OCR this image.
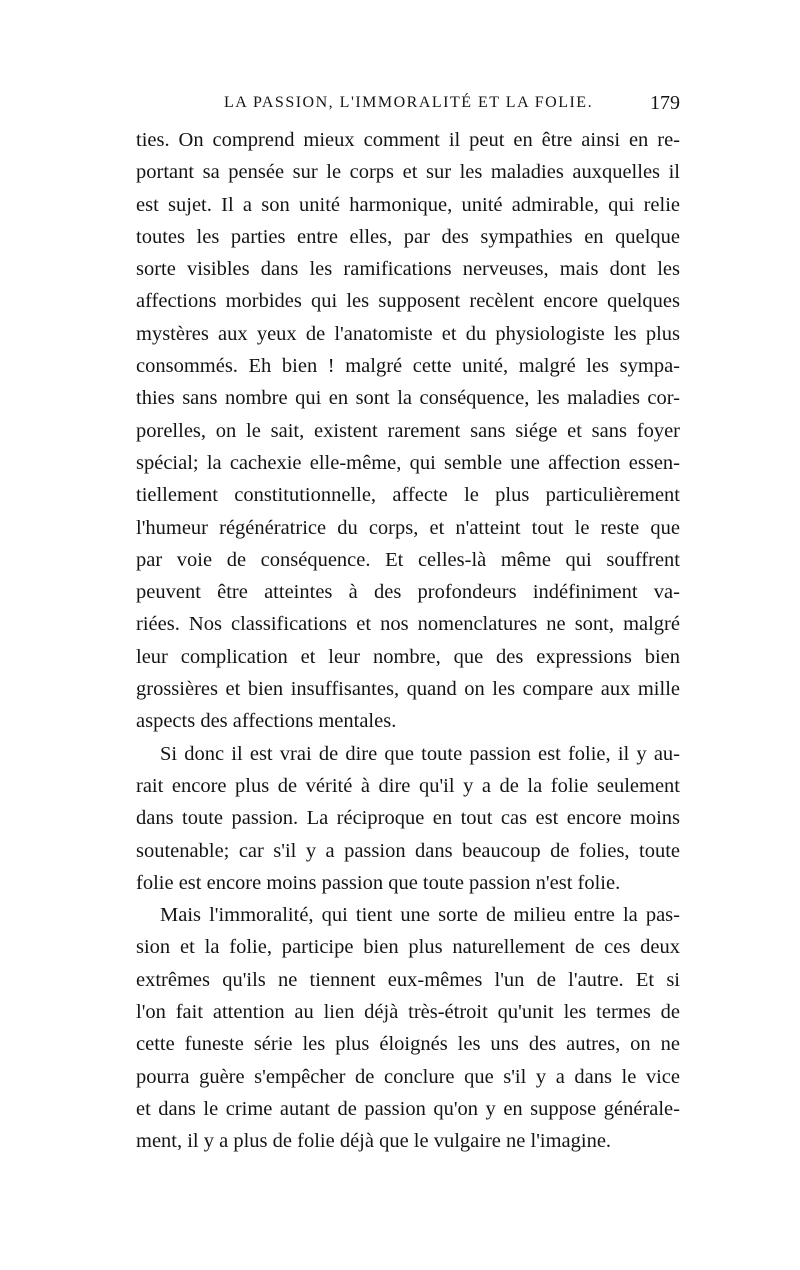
LA PASSION, L'IMMORALITÉ ET LA FOLIE.	179
ties. On comprend mieux comment il peut en être ainsi en re-
portant sa pensée sur le corps et sur les maladies auxquelles il
est sujet. Il a son unité harmonique, unité admirable, qui relie
toutes les parties entre elles, par des sympathies en quelque
sorte visibles dans les ramifications nerveuses, mais dont les
affections morbides qui les supposent recèlent encore quelques
mystères aux yeux de l'anatomiste et du physiologiste les plus
consommés. Eh bien ! malgré cette unité, malgré les sympa-
thies sans nombre qui en sont la conséquence, les maladies cor-
porelles, on le sait, existent rarement sans siége et sans foyer
spécial; la cachexie elle-même, qui semble une affection essen-
tiellement constitutionnelle, affecte le plus particulièrement
l'humeur régénératrice du corps, et n'atteint tout le reste que
par voie de conséquence. Et celles-là même qui souffrent
peuvent être atteintes à des profondeurs indéfiniment va-
riées. Nos classifications et nos nomenclatures ne sont, malgré
leur complication et leur nombre, que des expressions bien
grossières et bien insuffisantes, quand on les compare aux mille
aspects des affections mentales.
Si donc il est vrai de dire que toute passion est folie, il y au-
rait encore plus de vérité à dire qu'il y a de la folie seulement
dans toute passion. La réciproque en tout cas est encore moins
soutenable; car s'il y a passion dans beaucoup de folies, toute
folie est encore moins passion que toute passion n'est folie.
Mais l'immoralité, qui tient une sorte de milieu entre la pas-
sion et la folie, participe bien plus naturellement de ces deux
extrêmes qu'ils ne tiennent eux-mêmes l'un de l'autre. Et si
l'on fait attention au lien déjà très-étroit qu'unit les termes de
cette funeste série les plus éloignés les uns des autres, on ne
pourra guère s'empêcher de conclure que s'il y a dans le vice
et dans le crime autant de passion qu'on y en suppose générale-
ment, il y a plus de folie déjà que le vulgaire ne l'imagine.
